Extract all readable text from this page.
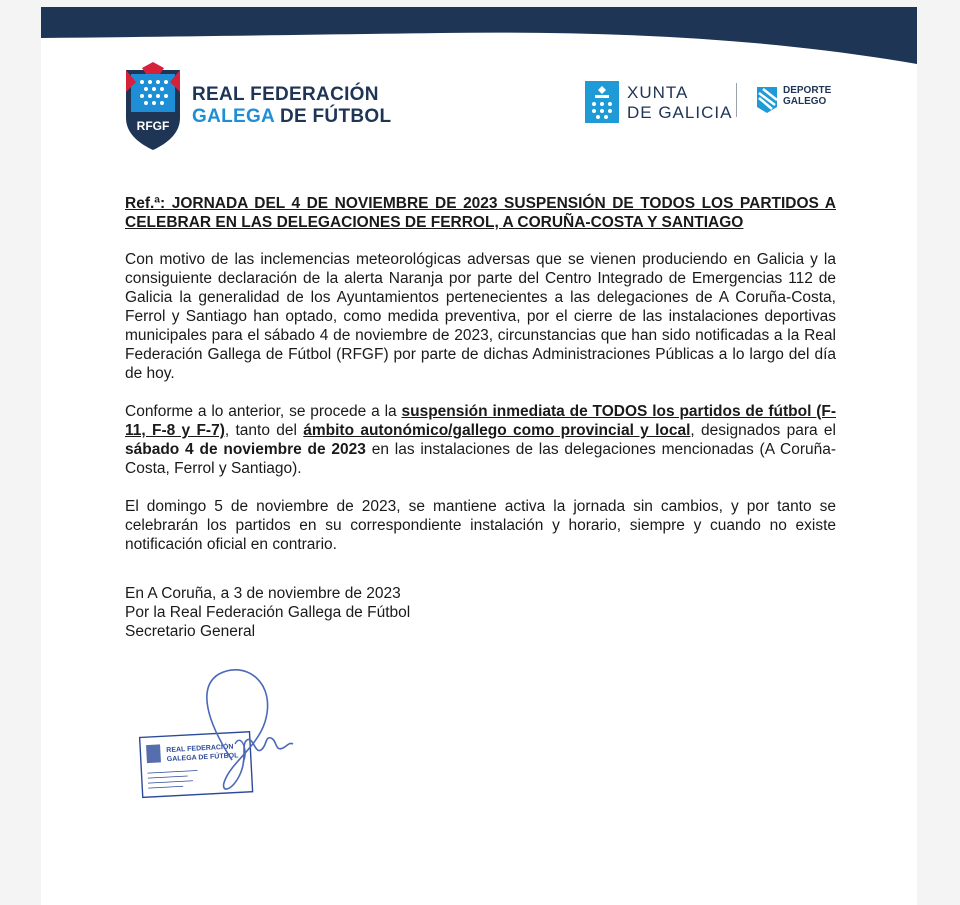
RFGF
REAL FEDERACIÓN
GALEGA DE FÚTBOL
XUNTA
DE GALICIA
DEPORTE
GALEGO
Ref.ª: JORNADA DEL 4 DE NOVIEMBRE DE 2023 SUSPENSIÓN DE TODOS LOS PARTIDOS A CELEBRAR EN LAS DELEGACIONES DE FERROL, A CORUÑA-COSTA Y SANTIAGO

Con motivo de las inclemencias meteorológicas adversas que se vienen produciendo en Galicia y la consiguiente declaración de la alerta Naranja por parte del Centro Integrado de Emergencias 112 de Galicia la generalidad de los Ayuntamientos pertenecientes a las delegaciones de A Coruña-Costa, Ferrol y Santiago han optado, como medida preventiva, por el cierre de las instalaciones deportivas municipales para el sábado 4 de noviembre de 2023, circunstancias que han sido notificadas a la Real Federación Gallega de Fútbol (RFGF) por parte de dichas Administraciones Públicas a lo largo del día de hoy.

Conforme a lo anterior, se procede a la suspensión inmediata de TODOS los partidos de fútbol (F-11, F-8 y F-7), tanto del ámbito autonómico/gallego como provincial y local, designados para el sábado 4 de noviembre de 2023 en las instalaciones de las delegaciones mencionadas (A Coruña-Costa, Ferrol y Santiago).

El domingo 5 de noviembre de 2023, se mantiene activa la jornada sin cambios, y por tanto se celebrarán los partidos en su correspondiente instalación y horario, siempre y cuando no existe notificación oficial en contrario.

En A Coruña, a 3 de noviembre de 2023
Por la Real Federación Gallega de Fútbol
Secretario General
REAL FEDERACIÓN
GALEGA DE FÚTBOL
